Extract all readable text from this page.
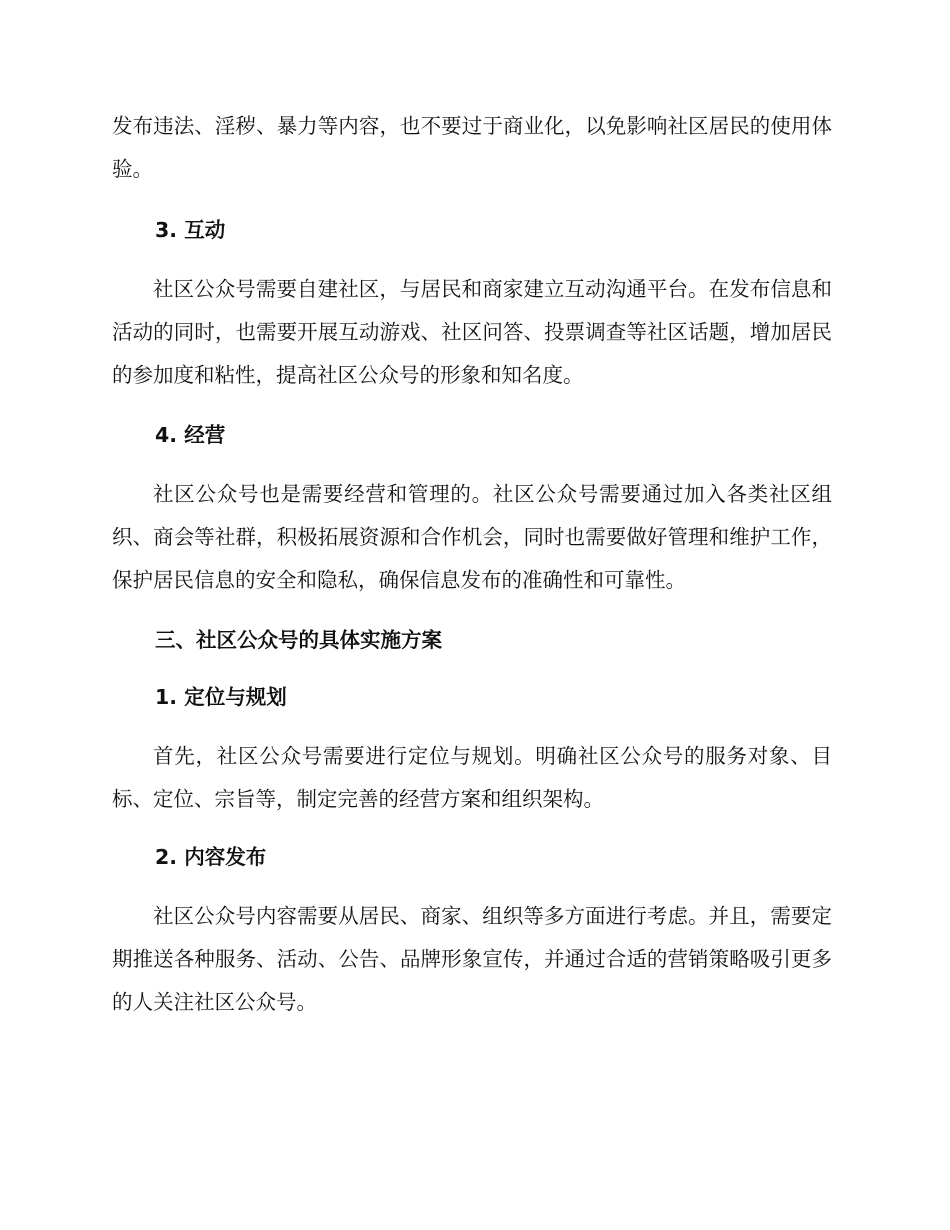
发布违法、淫秽、暴力等内容，也不要过于商业化，以免影响社区居民的使用体验。

3. 互动

社区公众号需要自建社区，与居民和商家建立互动沟通平台。在发布信息和活动的同时，也需要开展互动游戏、社区问答、投票调查等社区话题，增加居民的参加度和粘性，提高社区公众号的形象和知名度。

4. 经营

社区公众号也是需要经营和管理的。社区公众号需要通过加入各类社区组织、商会等社群，积极拓展资源和合作机会，同时也需要做好管理和维护工作，保护居民信息的安全和隐私，确保信息发布的准确性和可靠性。

三、社区公众号的具体实施方案

1. 定位与规划

首先，社区公众号需要进行定位与规划。明确社区公众号的服务对象、目标、定位、宗旨等，制定完善的经营方案和组织架构。

2. 内容发布

社区公众号内容需要从居民、商家、组织等多方面进行考虑。并且，需要定期推送各种服务、活动、公告、品牌形象宣传，并通过合适的营销策略吸引更多的人关注社区公众号。
